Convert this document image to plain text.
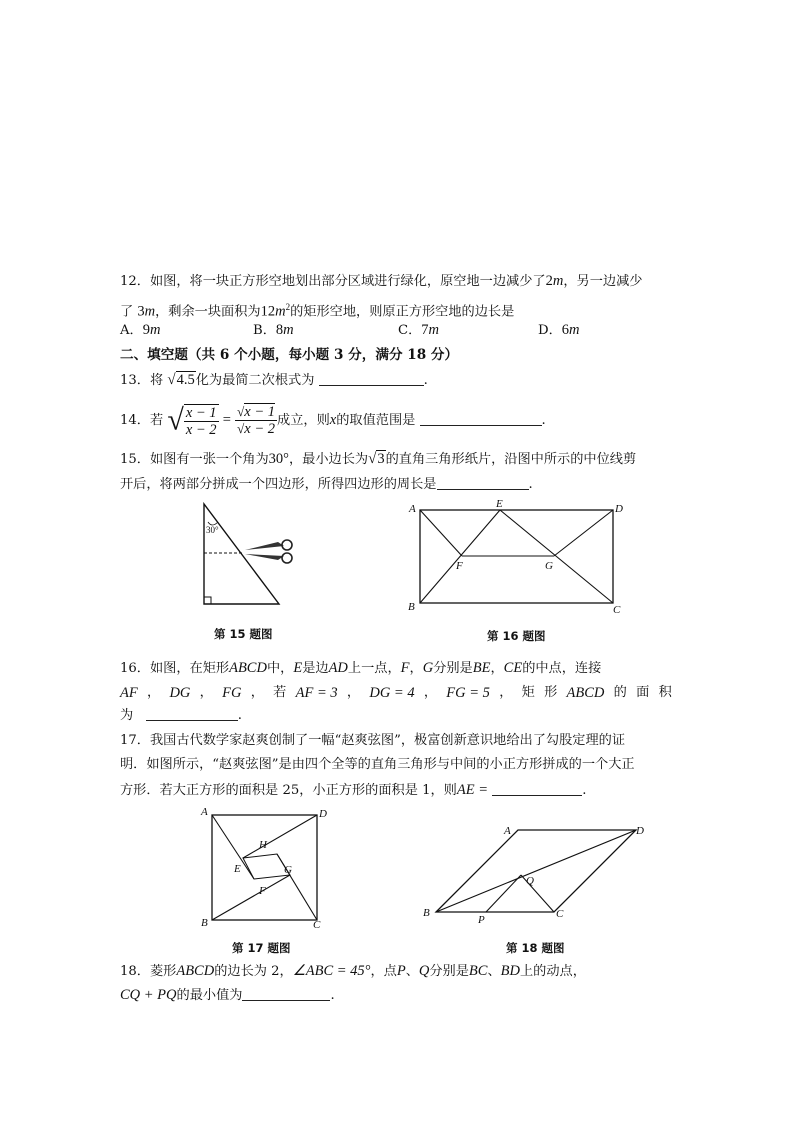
12．如图，将一块正方形空地划出部分区域进行绿化，原空地一边减少了2m，另一边减少
了 3m，剩余一块面积为$12m^2$的矩形空地，则原正方形空地的边长是
A．9m	B．8m	C．7m	D．6m
二、填空题（共 6 个小题，每小题 3 分，满分 18 分）
13．将 √4.5化为最简二次根式为	.
14．若 √ $\frac{x - 1}{x - 2} = \frac{√x - 1}{√x - 2}$ 成立，则x的取值范围是	.
15．如图有一张一个角为30°，最小边长为√3的直角三角形纸片，沿图中所示的中位线剪
开后，将两部分拼成一个四边形，所得四边形的周长是	.
30°
第 15 题图
A	E	D
F	G
B	C
第 16 题图
16．如图，在矩形ABCD中，E是边AD上一点，F，G分别是BE，CE的中点，连接
AF ， DG ， FG ， 若 AF = 3 ， DG = 4 ， FG = 5 ， 矩 形 ABCD 的 面 积
为	.
17．我国古代数学家赵爽创制了一幅“赵爽弦图”，极富创新意识地给出了勾股定理的证
明．如图所示，“赵爽弦图”是由四个全等的直角三角形与中间的小正方形拼成的一个大正
方形．若大正方形的面积是 25，小正方形的面积是 1，则AE =	.
A	D
H
E	G
F
B	C
第 17 题图
A	D
Q
B
P	C
第 18 题图
18．菱形ABCD的边长为 2，∠ABC = 45°，点P、Q分别是BC、BD上的动点，
CQ + PQ的最小值为	.
